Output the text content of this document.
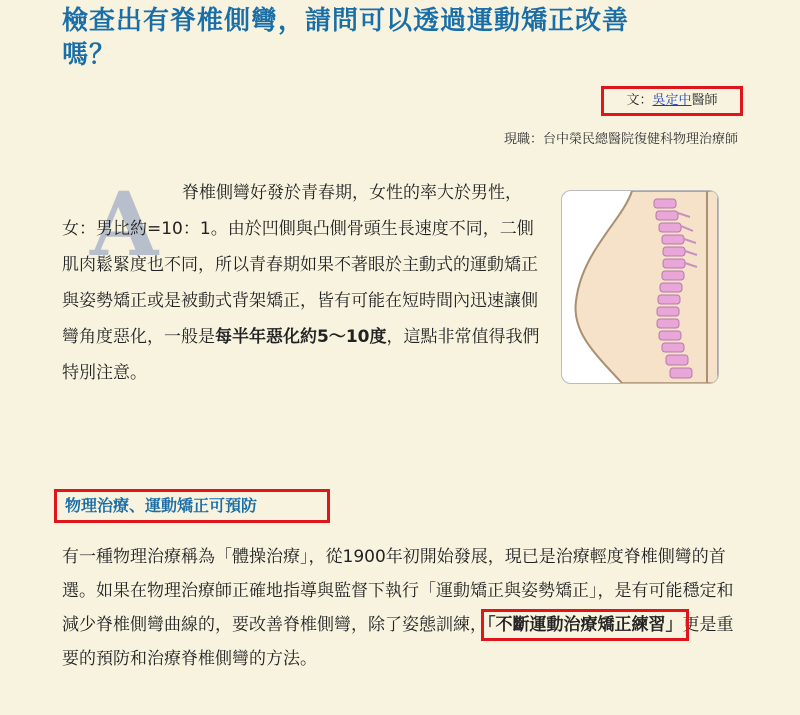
檢查出有脊椎側彎，請問可以透過運動矯正改善嗎？
文：吳定中醫師
現職：台中榮民總醫院復健科物理治療師
A	脊椎側彎好發於青春期，女性的率大於男性，女：男比約=10：1。由於凹側與凸側骨頭生長速度不同，二側肌肉鬆緊度也不同，所以青春期如果不著眼於主動式的運動矯正與姿勢矯正或是被動式背架矯正，皆有可能在短時間內迅速讓側彎角度惡化，一般是每半年惡化約5～10度，這點非常值得我們特別注意。
物理治療、運動矯正可預防
有一種物理治療稱為「體操治療」，從1900年初開始發展，現已是治療輕度脊椎側彎的首選。如果在物理治療師正確地指導與監督下執行「運動矯正與姿勢矯正」，是有可能穩定和減少脊椎側彎曲線的，要改善脊椎側彎，除了姿態訓練，「不斷運動治療矯正練習」更是重要的預防和治療脊椎側彎的方法。
